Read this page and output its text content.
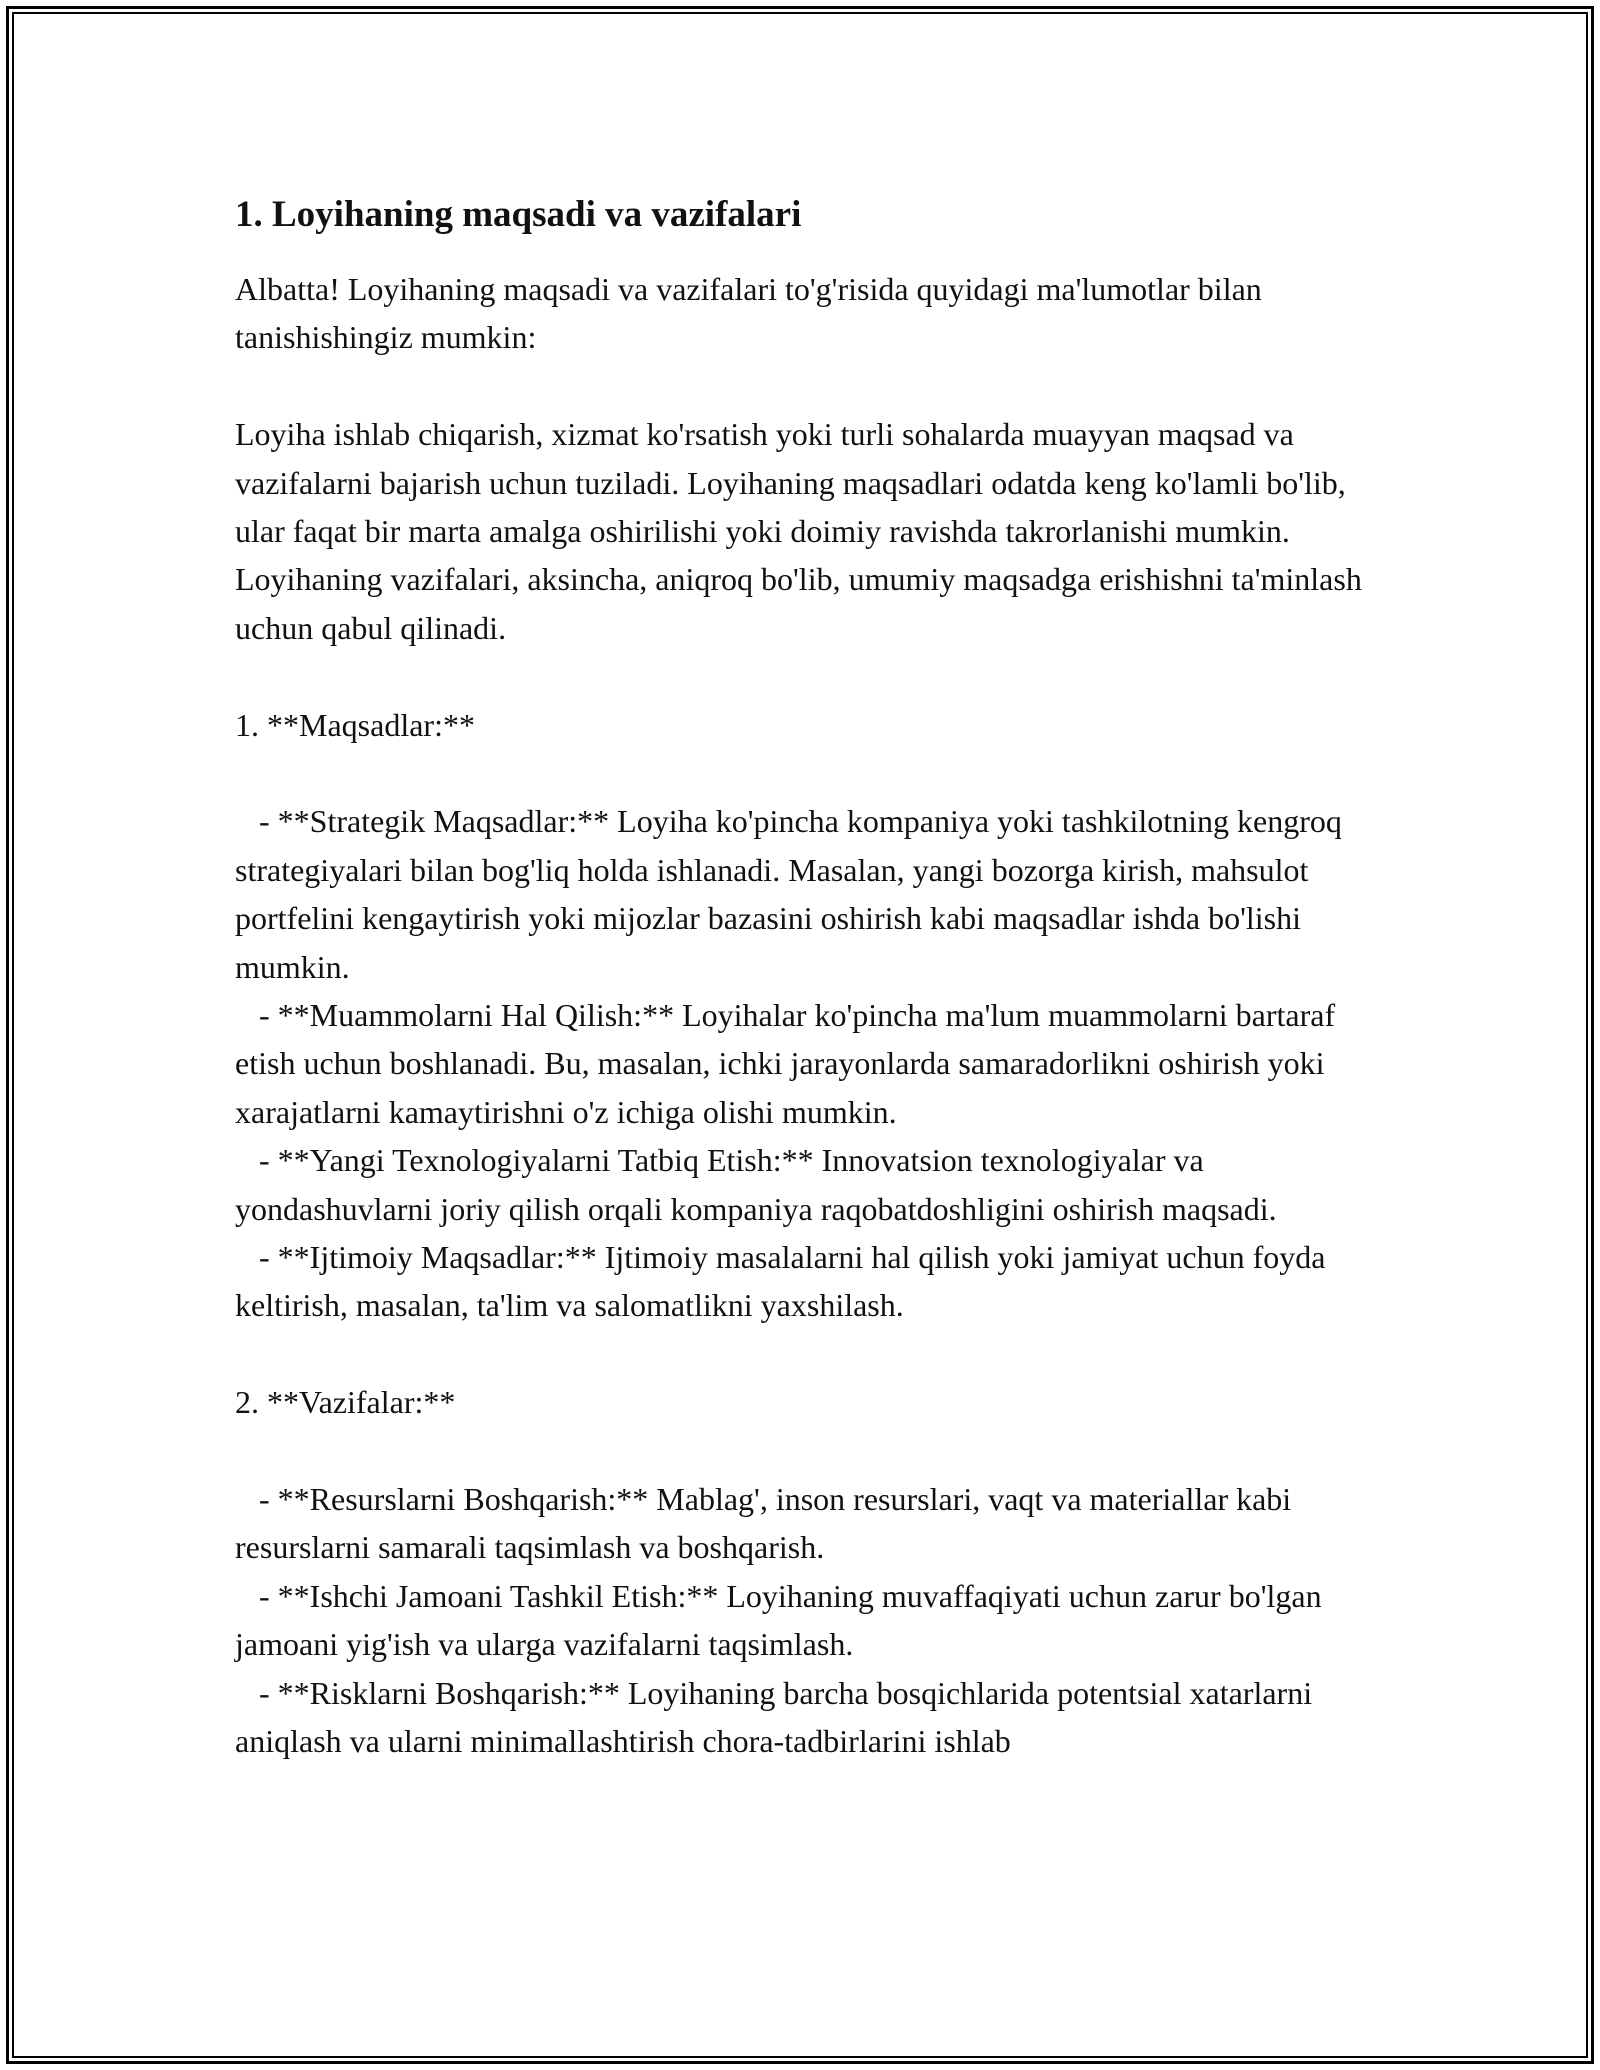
1. Loyihaning maqsadi va vazifalari

Albatta! Loyihaning maqsadi va vazifalari to'g'risida quyidagi ma'lumotlar bilan tanishishingiz mumkin:

Loyiha ishlab chiqarish, xizmat ko'rsatish yoki turli sohalarda muayyan maqsad va vazifalarni bajarish uchun tuziladi. Loyihaning maqsadlari odatda keng ko'lamli bo'lib, ular faqat bir marta amalga oshirilishi yoki doimiy ravishda takrorlanishi mumkin. Loyihaning vazifalari, aksincha, aniqroq bo'lib, umumiy maqsadga erishishni ta'minlash uchun qabul qilinadi.

1. **Maqsadlar:**

- **Strategik Maqsadlar:** Loyiha ko'pincha kompaniya yoki tashkilotning kengroq strategiyalari bilan bog'liq holda ishlanadi. Masalan, yangi bozorga kirish, mahsulot portfelini kengaytirish yoki mijozlar bazasini oshirish kabi maqsadlar ishda bo'lishi mumkin.

- **Muammolarni Hal Qilish:** Loyihalar ko'pincha ma'lum muammolarni bartaraf etish uchun boshlanadi. Bu, masalan, ichki jarayonlarda samaradorlikni oshirish yoki xarajatlarni kamaytirishni o'z ichiga olishi mumkin.

- **Yangi Texnologiyalarni Tatbiq Etish:** Innovatsion texnologiyalar va yondashuvlarni joriy qilish orqali kompaniya raqobatdoshligini oshirish maqsadi.

- **Ijtimoiy Maqsadlar:** Ijtimoiy masalalarni hal qilish yoki jamiyat uchun foyda keltirish, masalan, ta'lim va salomatlikni yaxshilash.

2. **Vazifalar:**

- **Resurslarni Boshqarish:** Mablag', inson resurslari, vaqt va materiallar kabi resurslarni samarali taqsimlash va boshqarish.

- **Ishchi Jamoani Tashkil Etish:** Loyihaning muvaffaqiyati uchun zarur bo'lgan jamoani yig'ish va ularga vazifalarni taqsimlash.

- **Risklarni Boshqarish:** Loyihaning barcha bosqichlarida potentsial xatarlarni aniqlash va ularni minimallashtirish chora-tadbirlarini ishlab
